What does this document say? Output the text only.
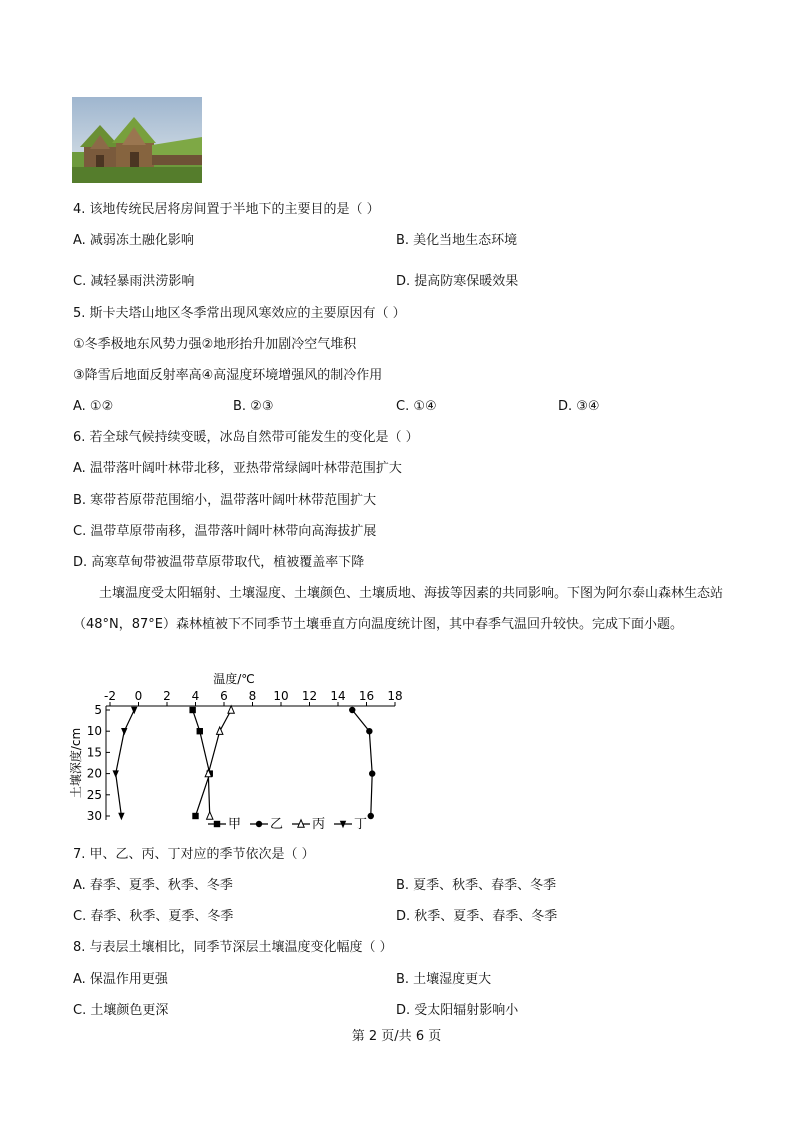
4. 该地传统民居将房间置于半地下的主要目的是（ ）
A. 减弱冻土融化影响	B. 美化当地生态环境
C. 减轻暴雨洪涝影响	D. 提高防寒保暖效果
5. 斯卡夫塔山地区冬季常出现风寒效应的主要原因有（ ）
①冬季极地东风势力强②地形抬升加剧冷空气堆积
③降雪后地面反射率高④高湿度环境增强风的制冷作用
A. ①②	B. ②③	C. ①④	D. ③④
6. 若全球气候持续变暖，冰岛自然带可能发生的变化是（ ）
A. 温带落叶阔叶林带北移，亚热带常绿阔叶林带范围扩大
B. 寒带苔原带范围缩小，温带落叶阔叶林带范围扩大
C. 温带草原带南移，温带落叶阔叶林带向高海拔扩展
D. 高寒草甸带被温带草原带取代，植被覆盖率下降
土壤温度受太阳辐射、土壤湿度、土壤颜色、土壤质地、海拔等因素的共同影响。下图为阿尔泰山森林生态站（48°N，87°E）森林植被下不同季节土壤垂直方向温度统计图，其中春季气温回升较快。完成下面小题。
温度/℃
-2 0 2 4 6 8 10 12 14 16 18
5
10
15
20
25
30
土壤深度/cm
甲 乙 丙 丁
7. 甲、乙、丙、丁对应的季节依次是（ ）
A. 春季、夏季、秋季、冬季	B. 夏季、秋季、春季、冬季
C. 春季、秋季、夏季、冬季	D. 秋季、夏季、春季、冬季
8. 与表层土壤相比，同季节深层土壤温度变化幅度（ ）
A. 保温作用更强	B. 土壤湿度更大
C. 土壤颜色更深	D. 受太阳辐射影响小
第 2 页/共 6 页
